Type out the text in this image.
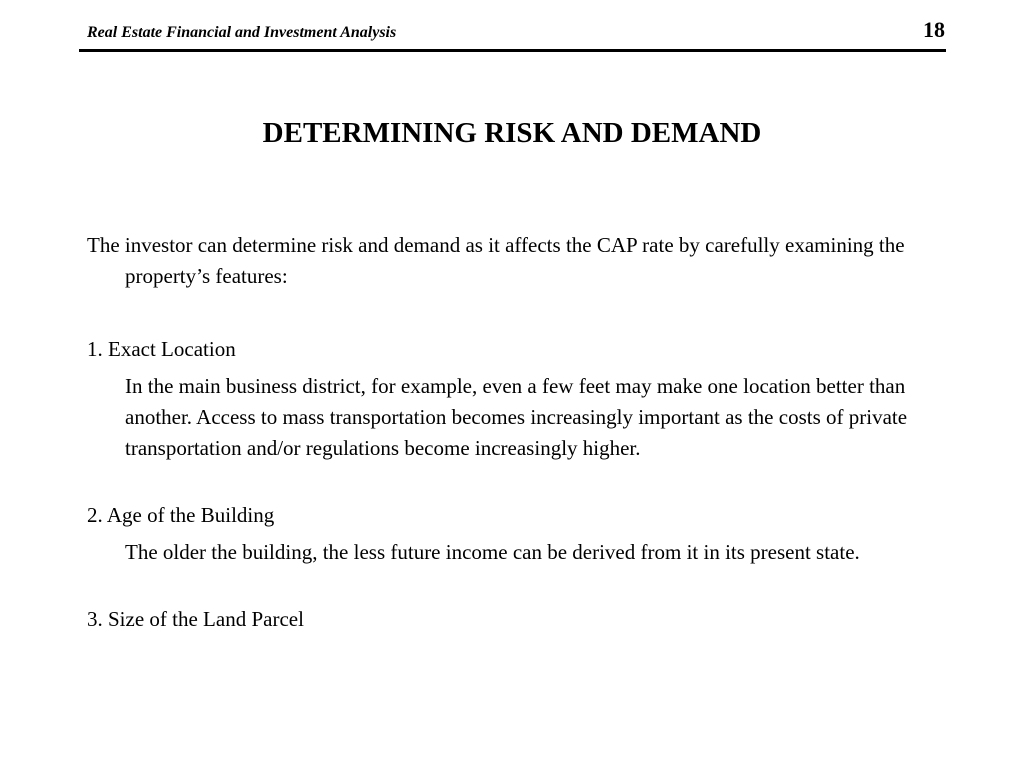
Real Estate Financial and Investment Analysis	18
DETERMINING RISK AND DEMAND
The investor can determine risk and demand as it affects the CAP rate by carefully examining the property’s features:
1. Exact Location
In the main business district, for example, even a few feet may make one location better than another. Access to mass transportation becomes increasingly important as the costs of private transportation and/or regulations become increasingly higher.
2. Age of the Building
The older the building, the less future income can be derived from it in its present state.
3. Size of the Land Parcel
